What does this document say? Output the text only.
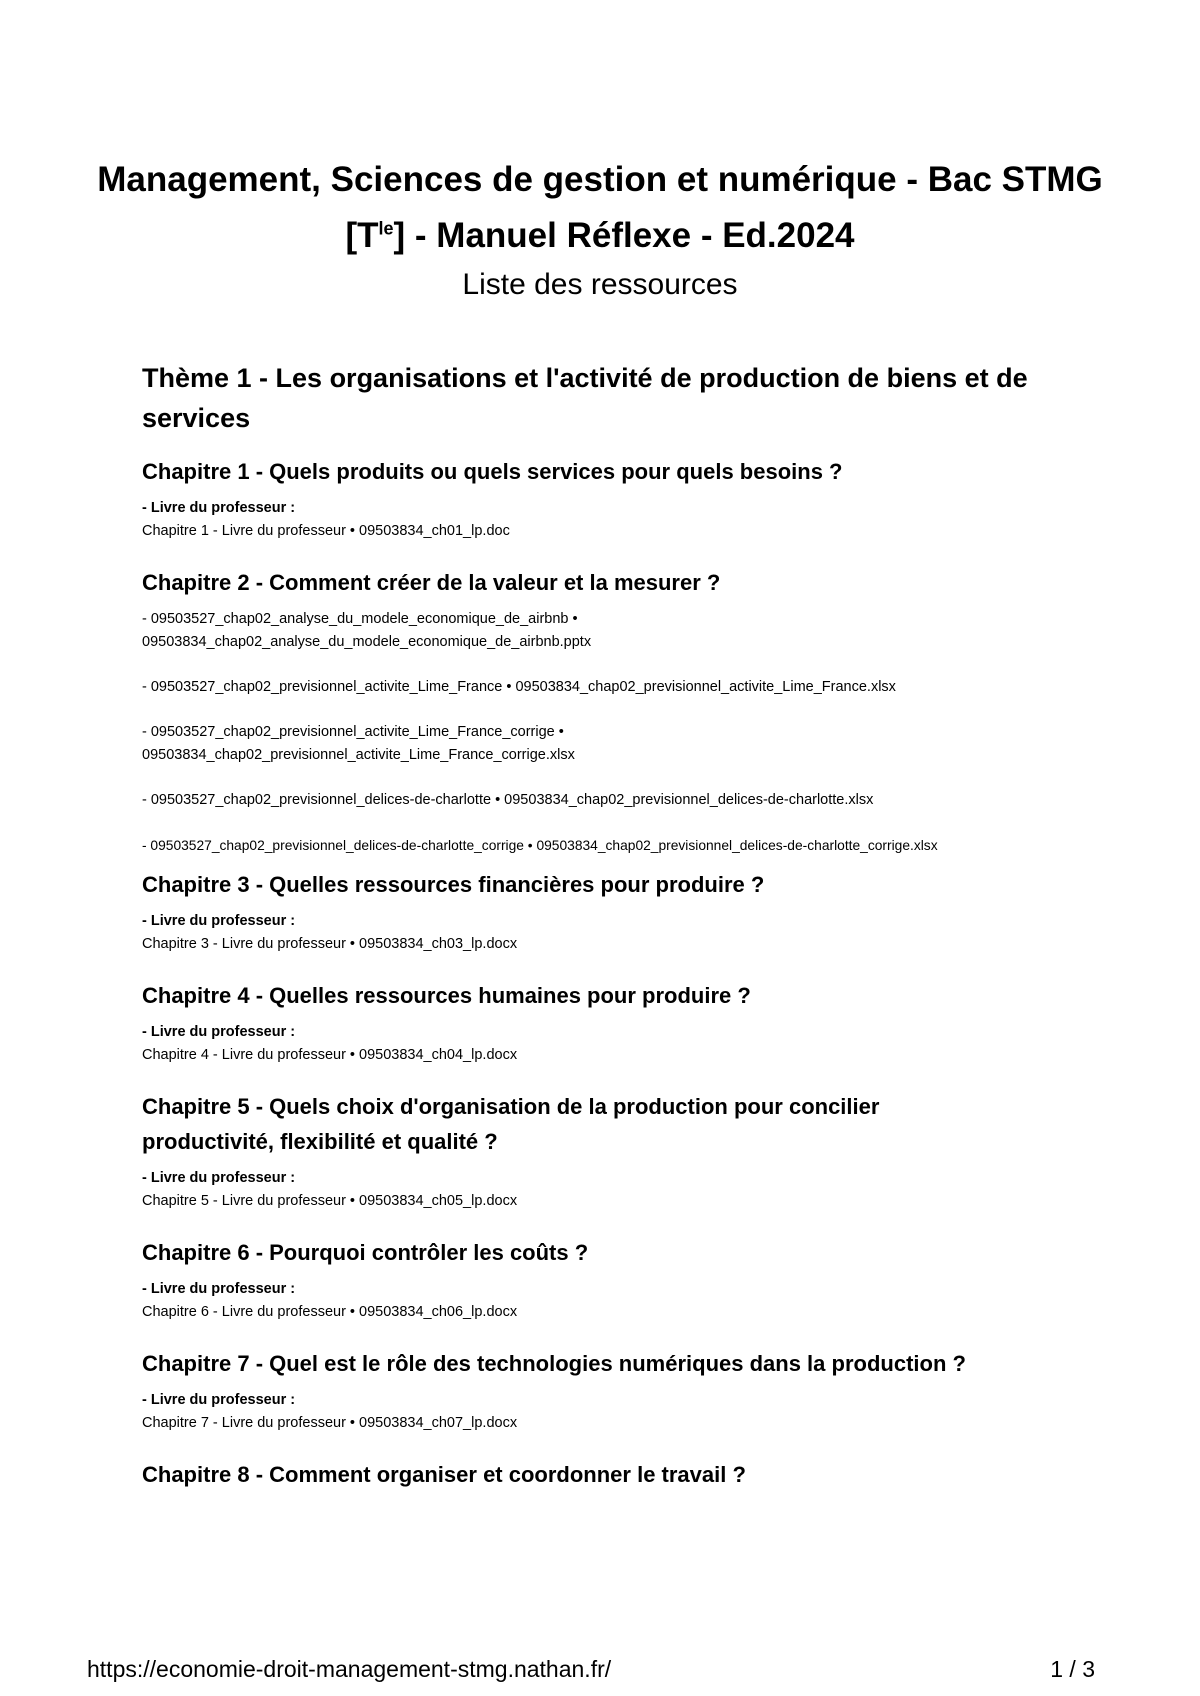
Management, Sciences de gestion et numérique - Bac STMG
$[T^{le}]$ - Manuel Réflexe - Ed.2024
Liste des ressources
Thème 1 - Les organisations et l'activité de production de biens et de
services
Chapitre 1 - Quels produits ou quels services pour quels besoins ?
- Livre du professeur :
Chapitre 1 - Livre du professeur • 09503834_ch01_lp.doc
Chapitre 2 - Comment créer de la valeur et la mesurer ?
- 09503527_chap02_analyse_du_modele_economique_de_airbnb •
09503834_chap02_analyse_du_modele_economique_de_airbnb.pptx
- 09503527_chap02_previsionnel_activite_Lime_France • 09503834_chap02_previsionnel_activite_Lime_France.xlsx
- 09503527_chap02_previsionnel_activite_Lime_France_corrige •
09503834_chap02_previsionnel_activite_Lime_France_corrige.xlsx
- 09503527_chap02_previsionnel_delices-de-charlotte • 09503834_chap02_previsionnel_delices-de-charlotte.xlsx
- 09503527_chap02_previsionnel_delices-de-charlotte_corrige • 09503834_chap02_previsionnel_delices-de-charlotte_corrige.xlsx
Chapitre 3 - Quelles ressources financières pour produire ?
- Livre du professeur :
Chapitre 3 - Livre du professeur • 09503834_ch03_lp.docx
Chapitre 4 - Quelles ressources humaines pour produire ?
- Livre du professeur :
Chapitre 4 - Livre du professeur • 09503834_ch04_lp.docx
Chapitre 5 - Quels choix d'organisation de la production pour concilier
productivité, flexibilité et qualité ?
- Livre du professeur :
Chapitre 5 - Livre du professeur • 09503834_ch05_lp.docx
Chapitre 6 - Pourquoi contrôler les coûts ?
- Livre du professeur :
Chapitre 6 - Livre du professeur • 09503834_ch06_lp.docx
Chapitre 7 - Quel est le rôle des technologies numériques dans la production ?
- Livre du professeur :
Chapitre 7 - Livre du professeur • 09503834_ch07_lp.docx
Chapitre 8 - Comment organiser et coordonner le travail ?
https://economie-droit-management-stmg.nathan.fr/	1 / 3
